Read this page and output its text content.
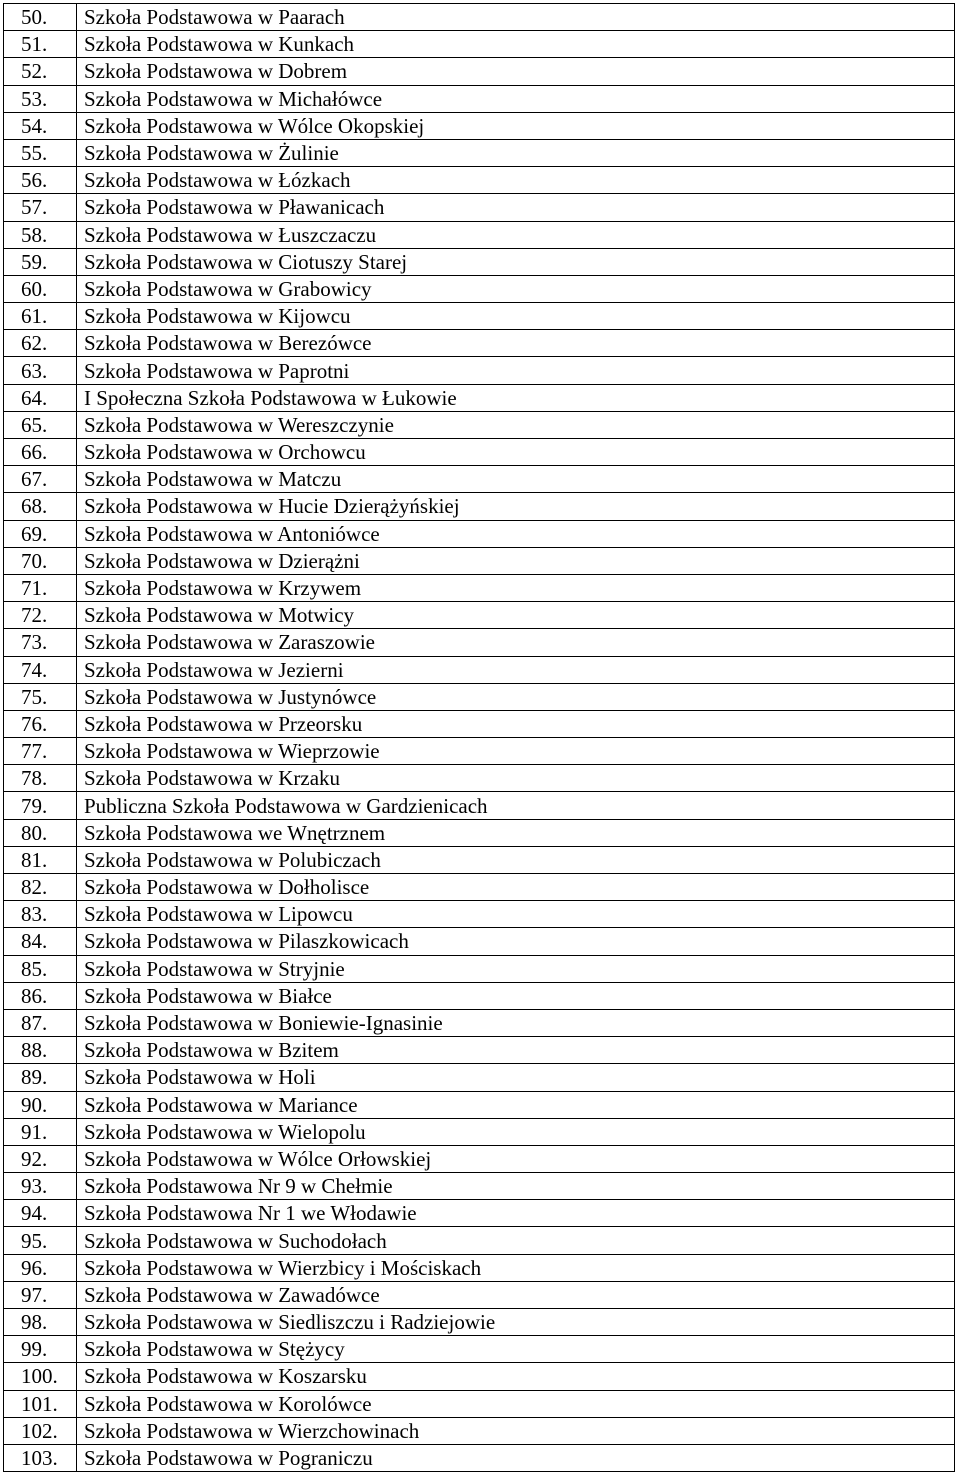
50.	Szkoła Podstawowa w Paarach
51.	Szkoła Podstawowa w Kunkach
52.	Szkoła Podstawowa w Dobrem
53.	Szkoła Podstawowa w Michałówce
54.	Szkoła Podstawowa w Wólce Okopskiej
55.	Szkoła Podstawowa w Żulinie
56.	Szkoła Podstawowa w Łózkach
57.	Szkoła Podstawowa w Pławanicach
58.	Szkoła Podstawowa w Łuszczaczu
59.	Szkoła Podstawowa w Ciotuszy Starej
60.	Szkoła Podstawowa w Grabowicy
61.	Szkoła Podstawowa w Kijowcu
62.	Szkoła Podstawowa w Berezówce
63.	Szkoła Podstawowa w Paprotni
64.	I Społeczna Szkoła Podstawowa w Łukowie
65.	Szkoła Podstawowa w Wereszczynie
66.	Szkoła Podstawowa w Orchowcu
67.	Szkoła Podstawowa w Matczu
68.	Szkoła Podstawowa w Hucie Dzierążyńskiej
69.	Szkoła Podstawowa w Antoniówce
70.	Szkoła Podstawowa w Dzierążni
71.	Szkoła Podstawowa w Krzywem
72.	Szkoła Podstawowa w Motwicy
73.	Szkoła Podstawowa w Zaraszowie
74.	Szkoła Podstawowa w Jezierni
75.	Szkoła Podstawowa w Justynówce
76.	Szkoła Podstawowa w Przeorsku
77.	Szkoła Podstawowa w Wieprzowie
78.	Szkoła Podstawowa w Krzaku
79.	Publiczna Szkoła Podstawowa w Gardzienicach
80.	Szkoła Podstawowa we Wnętrznem
81.	Szkoła Podstawowa w Polubiczach
82.	Szkoła Podstawowa w Dołholisce
83.	Szkoła Podstawowa w Lipowcu
84.	Szkoła Podstawowa w Pilaszkowicach
85.	Szkoła Podstawowa w Stryjnie
86.	Szkoła Podstawowa w Białce
87.	Szkoła Podstawowa w Boniewie-Ignasinie
88.	Szkoła Podstawowa w Bzitem
89.	Szkoła Podstawowa w Holi
90.	Szkoła Podstawowa w Mariance
91.	Szkoła Podstawowa w Wielopolu
92.	Szkoła Podstawowa w Wólce Orłowskiej
93.	Szkoła Podstawowa Nr 9 w Chełmie
94.	Szkoła Podstawowa Nr 1 we Włodawie
95.	Szkoła Podstawowa w Suchodołach
96.	Szkoła Podstawowa w Wierzbicy i Mościskach
97.	Szkoła Podstawowa w Zawadówce
98.	Szkoła Podstawowa w Siedliszczu i Radziejowie
99.	Szkoła Podstawowa w Stężycy
100.	Szkoła Podstawowa w Koszarsku
101.	Szkoła Podstawowa w Korolówce
102.	Szkoła Podstawowa w Wierzchowinach
103.	Szkoła Podstawowa w Pograniczu
